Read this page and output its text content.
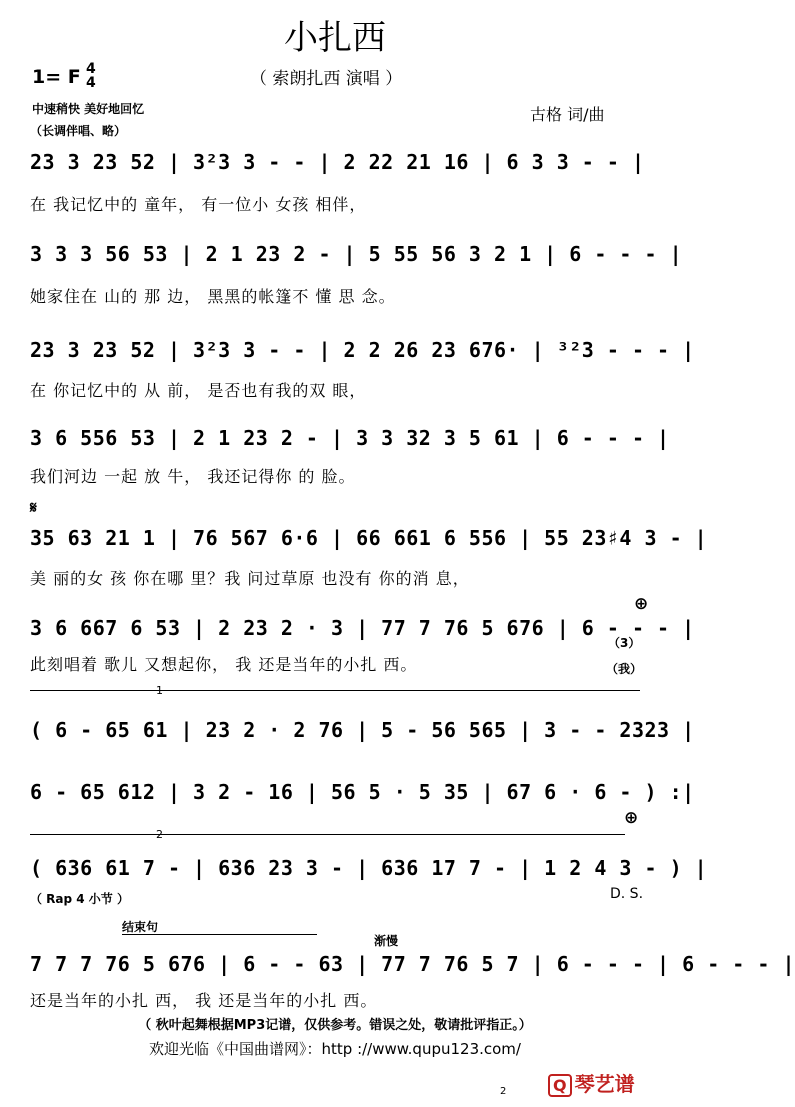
小扎西
（ 索朗扎西 演唱 ）
1= F 4
4
中速稍快 美好地回忆
（长调伴唱、略）
古格 词/曲
23 3 23 52 | 3²3 3 - - | 2 22 21 16 | 6 3 3 - - |
在 我记忆中的 童年， 有一位小 女孩 相伴，
3 3 3 56 53 | 2 1 23 2 - | 5 55 56 3 2 1 | 6 - - - |
她家住在 山的 那 边， 黑黑的帐篷不 懂 思 念。
23 3 23 52 | 3²3 3 - - | 2 2 26 23 676· | ³²3 - - - |
在 你记忆中的 从 前， 是否也有我的双 眼，
3 6 556 53 | 2 1 23 2 - | 3 3 32 3 5 61 | 6 - - - |
我们河边 一起 放 牛， 我还记得你 的 脸。
𝄋
35 63 21 1 | 76 567 6·6 | 66 661 6 556 | 55 23♯4 3 - |
美 丽的女 孩 你在哪 里？我 问过草原 也没有 你的消 息，
⊕
3 6 667 6 53 | 2 23 2 · 3 | 77 7 76 5 676 | 6 - - - |
此刻唱着 歌儿 又想起你， 我 还是当年的小扎 西。
（3）
（我）
1
( 6 - 65 61 | 23 2 · 2 76 | 5 - 56 565 | 3 - - 2323 |
6 - 65 612 | 3 2 - 16 | 56 5 · 5 35 | 67 6 · 6 - ) :|
2
⊕
( 636 61 7 - | 636 23 3 - | 636 17 7 - | 1 2 4 3 - ) |
（ Rap 4 小节 ）	D. S.
结束句
渐慢
7 7 7 76 5 676 | 6 - - 63 | 77 7 76 5 7 | 6 - - - | 6 - - - |
还是当年的小扎 西， 我 还是当年的小扎 西。
（ 秋叶起舞根据MP3记谱，仅供参考。错误之处，敬请批评指正。）
欢迎光临《中国曲谱网》：http ://www.qupu123.com/
2	Q 琴艺谱
